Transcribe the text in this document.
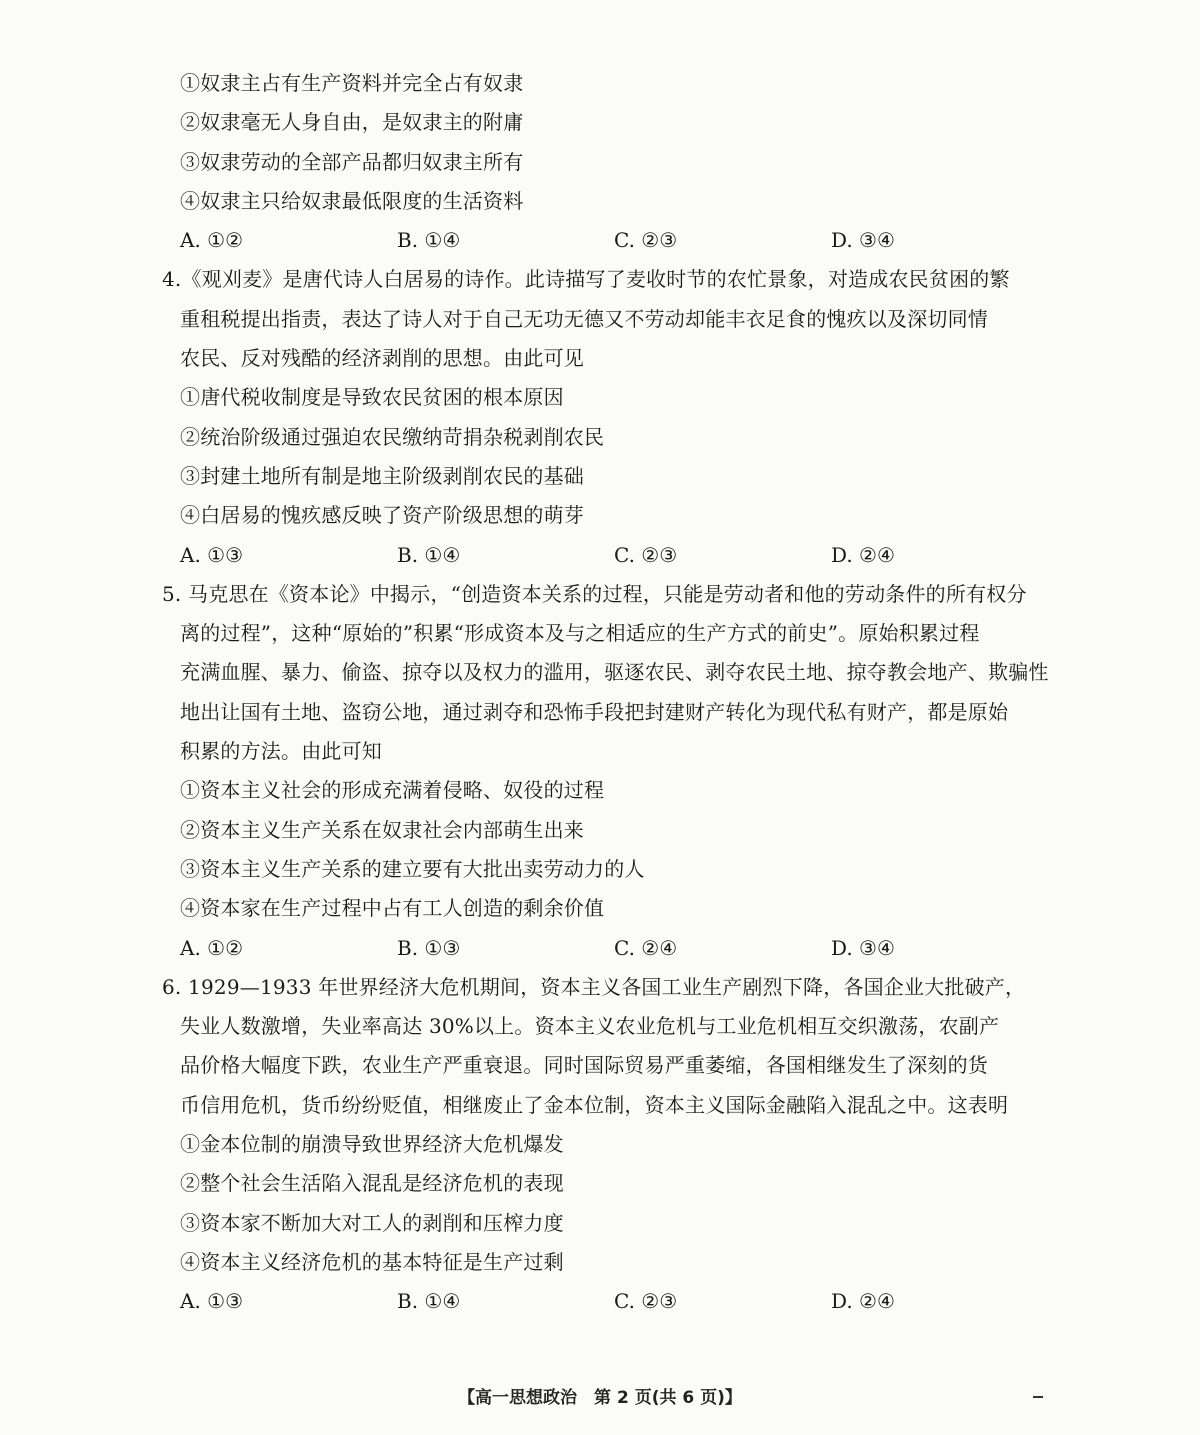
①奴隶主占有生产资料并完全占有奴隶
②奴隶毫无人身自由，是奴隶主的附庸
③奴隶劳动的全部产品都归奴隶主所有
④奴隶主只给奴隶最低限度的生活资料
A. ①②	B. ①④	C. ②③	D. ③④
4.《观刈麦》是唐代诗人白居易的诗作。此诗描写了麦收时节的农忙景象，对造成农民贫困的繁
重租税提出指责，表达了诗人对于自己无功无德又不劳动却能丰衣足食的愧疚以及深切同情
农民、反对残酷的经济剥削的思想。由此可见
①唐代税收制度是导致农民贫困的根本原因
②统治阶级通过强迫农民缴纳苛捐杂税剥削农民
③封建土地所有制是地主阶级剥削农民的基础
④白居易的愧疚感反映了资产阶级思想的萌芽
A. ①③	B. ①④	C. ②③	D. ②④
5. 马克思在《资本论》中揭示，“创造资本关系的过程，只能是劳动者和他的劳动条件的所有权分
离的过程”，这种“原始的”积累“形成资本及与之相适应的生产方式的前史”。原始积累过程
充满血腥、暴力、偷盗、掠夺以及权力的滥用，驱逐农民、剥夺农民土地、掠夺教会地产、欺骗性
地出让国有土地、盗窃公地，通过剥夺和恐怖手段把封建财产转化为现代私有财产，都是原始
积累的方法。由此可知
①资本主义社会的形成充满着侵略、奴役的过程
②资本主义生产关系在奴隶社会内部萌生出来
③资本主义生产关系的建立要有大批出卖劳动力的人
④资本家在生产过程中占有工人创造的剩余价值
A. ①②	B. ①③	C. ②④	D. ③④
6. 1929—1933 年世界经济大危机期间，资本主义各国工业生产剧烈下降，各国企业大批破产，
失业人数激增，失业率高达 30%以上。资本主义农业危机与工业危机相互交织激荡，农副产
品价格大幅度下跌，农业生产严重衰退。同时国际贸易严重萎缩，各国相继发生了深刻的货
币信用危机，货币纷纷贬值，相继废止了金本位制，资本主义国际金融陷入混乱之中。这表明
①金本位制的崩溃导致世界经济大危机爆发
②整个社会生活陷入混乱是经济危机的表现
③资本家不断加大对工人的剥削和压榨力度
④资本主义经济危机的基本特征是生产过剩
A. ①③	B. ①④	C. ②③	D. ②④
【高一思想政治　第 2 页(共 6 页)】
